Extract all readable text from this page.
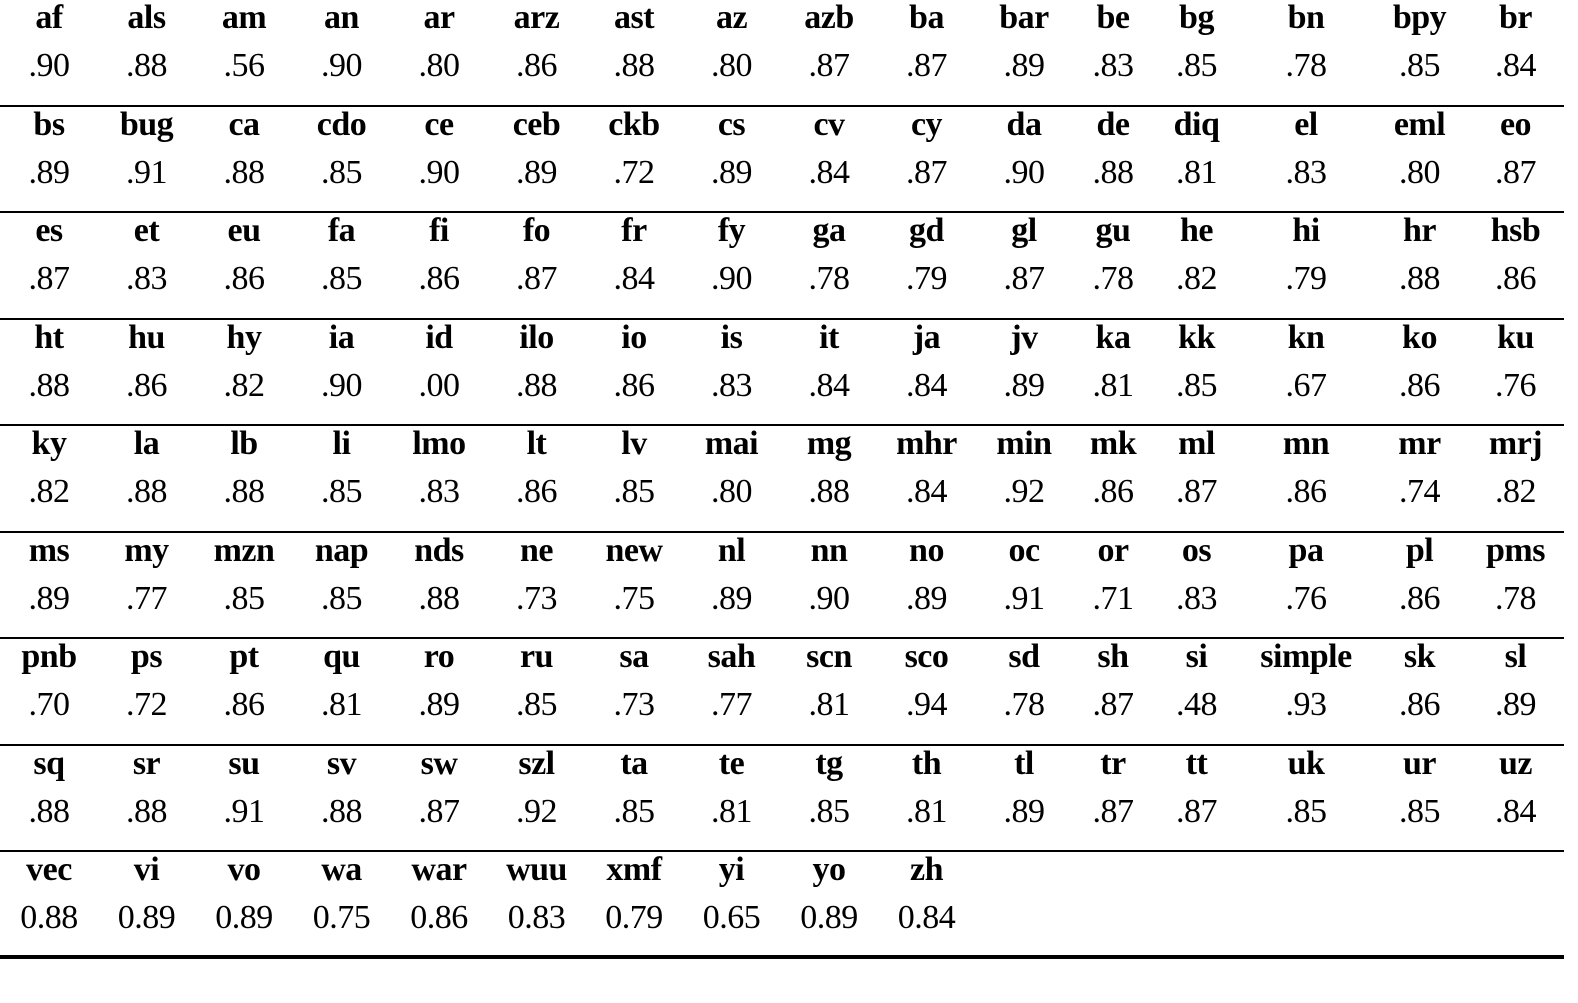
af	als	am	an	ar	arz	ast	az	azb	ba	bar	be	bg	bn	bpy	br
.90	.88	.56	.90	.80	.86	.88	.80	.87	.87	.89	.83	.85	.78	.85	.84
bs	bug	ca	cdo	ce	ceb	ckb	cs	cv	cy	da	de	diq	el	eml	eo
.89	.91	.88	.85	.90	.89	.72	.89	.84	.87	.90	.88	.81	.83	.80	.87
es	et	eu	fa	fi	fo	fr	fy	ga	gd	gl	gu	he	hi	hr	hsb
.87	.83	.86	.85	.86	.87	.84	.90	.78	.79	.87	.78	.82	.79	.88	.86
ht	hu	hy	ia	id	ilo	io	is	it	ja	jv	ka	kk	kn	ko	ku
.88	.86	.82	.90	.00	.88	.86	.83	.84	.84	.89	.81	.85	.67	.86	.76
ky	la	lb	li	lmo	lt	lv	mai	mg	mhr	min	mk	ml	mn	mr	mrj
.82	.88	.88	.85	.83	.86	.85	.80	.88	.84	.92	.86	.87	.86	.74	.82
ms	my	mzn	nap	nds	ne	new	nl	nn	no	oc	or	os	pa	pl	pms
.89	.77	.85	.85	.88	.73	.75	.89	.90	.89	.91	.71	.83	.76	.86	.78
pnb	ps	pt	qu	ro	ru	sa	sah	scn	sco	sd	sh	si	simple	sk	sl
.70	.72	.86	.81	.89	.85	.73	.77	.81	.94	.78	.87	.48	.93	.86	.89
sq	sr	su	sv	sw	szl	ta	te	tg	th	tl	tr	tt	uk	ur	uz
.88	.88	.91	.88	.87	.92	.85	.81	.85	.81	.89	.87	.87	.85	.85	.84
vec	vi	vo	wa	war	wuu	xmf	yi	yo	zh
0.88	0.89	0.89	0.75	0.86	0.83	0.79	0.65	0.89	0.84
